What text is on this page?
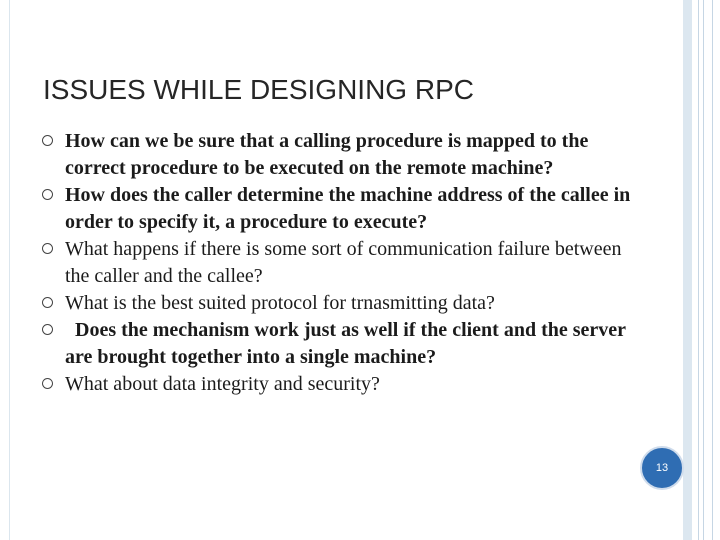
ISSUES WHILE DESIGNING RPC
How can we be sure that a calling procedure is mapped to the correct procedure to be executed on the remote machine?
How does the caller determine the machine address of the callee in order to specify it, a procedure to execute?
What happens if there is some sort of communication failure between the caller and the callee?
What is the best suited protocol for trnasmitting data?
Does the mechanism work just as well if the client and the server are brought together into a single machine?
What about data integrity and security?
13
